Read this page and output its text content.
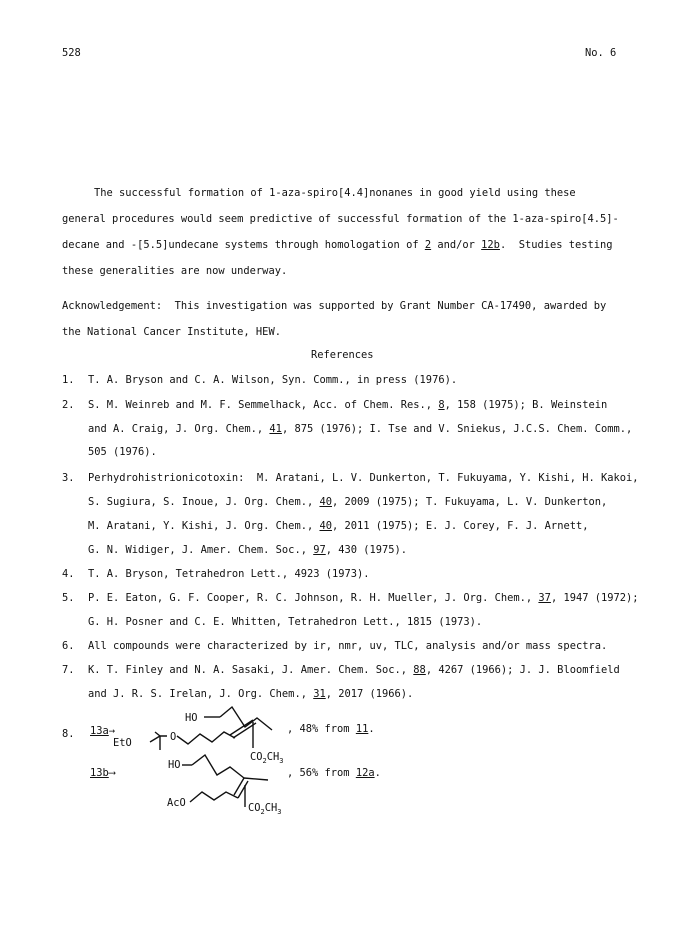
528	No. 6
The successful formation of 1-aza-spiro[4.4]nonanes in good yield using these
general procedures would seem predictive of successful formation of the 1-aza-spiro[4.5]-
decane and -[5.5]undecane systems through homologation of 2 and/or 12b.  Studies testing
these generalities are now underway.
Acknowledgement:  This investigation was supported by Grant Number CA-17490, awarded by
the National Cancer Institute, HEW.
References
1. T. A. Bryson and C. A. Wilson, Syn. Comm., in press (1976).
2. S. M. Weinreb and M. F. Semmelhack, Acc. of Chem. Res., 8, 158 (1975); B. Weinstein
and A. Craig, J. Org. Chem., 41, 875 (1976); I. Tse and V. Sniekus, J.C.S. Chem. Comm.,
505 (1976).
3. Perhydrohistrionicotoxin:  M. Aratani, L. V. Dunkerton, T. Fukuyama, Y. Kishi, H. Kakoi,
S. Sugiura, S. Inoue, J. Org. Chem., 40, 2009 (1975); T. Fukuyama, L. V. Dunkerton,
M. Aratani, Y. Kishi, J. Org. Chem., 40, 2011 (1975); E. J. Corey, F. J. Arnett,
G. N. Widiger, J. Amer. Chem. Soc., 97, 430 (1975).
4. T. A. Bryson, Tetrahedron Lett., 4923 (1973).
5. P. E. Eaton, G. F. Cooper, R. C. Johnson, R. H. Mueller, J. Org. Chem., 37, 1947 (1972);
G. H. Posner and C. E. Whitten, Tetrahedron Lett., 1815 (1973).
6. All compounds were characterized by ir, nmr, uv, TLC, analysis and/or mass spectra.
7. K. T. Finley and N. A. Sasaki, J. Amer. Chem. Soc., 88, 4267 (1966); J. J. Bloomfield
and J. R. S. Irelan, J. Org. Chem., 31, 2017 (1966).
8. 13a→
EtO
HO
O
$CO_2CH_3$
, 48% from 11.
13b⟶
HO
AcO	$CO_2CH_3$
, 56% from 12a.
